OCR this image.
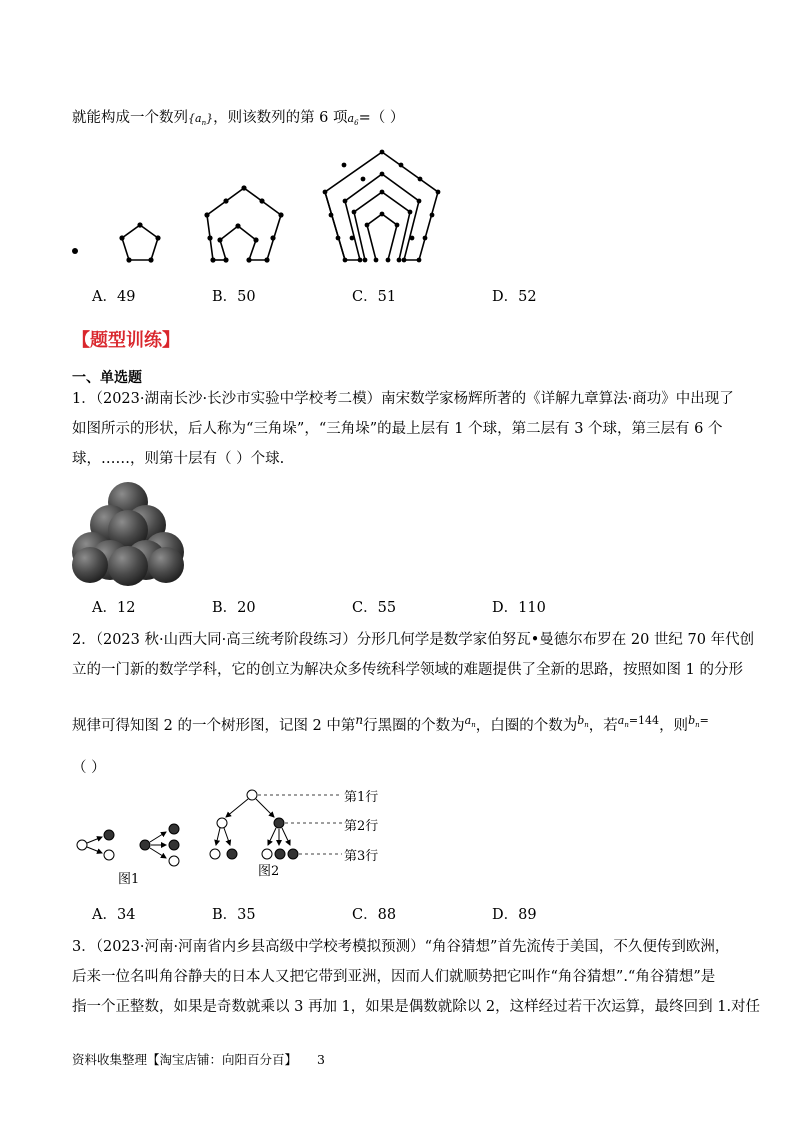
就能构成一个数列$\{a_n\}$，则该数列的第 6 项$a_6=$（ ）
A．49	B．50	C．51	D．52
【题型训练】
一、单选题
1．（2023·湖南长沙·长沙市实验中学校考二模）南宋数学家杨辉所著的《详解九章算法·商功》中出现了
如图所示的形状，后人称为“三角垛”，“三角垛”的最上层有 1 个球，第二层有 3 个球，第三层有 6 个
球，……，则第十层有（ ）个球.
A．12	B．20	C．55	D．110
2．（2023 秋·山西大同·高三统考阶段练习）分形几何学是数学家伯努瓦•曼德尔布罗在 20 世纪 70 年代创
立的一门新的数学学科，它的创立为解决众多传统科学领域的难题提供了全新的思路，按照如图 1 的分形
规律可得知图 2 的一个树形图，记图 2 中第$^n$行黑圈的个数为$^{a_n}$，白圈的个数为$^{b_n}$，若$^{a_n=144}$，则$^{b_n=}$
（ ）
图1
图2
第1行
第2行
第3行
A．34	B．35	C．88	D．89
3．（2023·河南·河南省内乡县高级中学校考模拟预测）“角谷猜想”首先流传于美国，不久便传到欧洲，
后来一位名叫角谷静夫的日本人又把它带到亚洲，因而人们就顺势把它叫作“角谷猜想”.“角谷猜想”是
指一个正整数，如果是奇数就乘以 3 再加 1，如果是偶数就除以 2，这样经过若干次运算，最终回到 1.对任
资料收集整理【淘宝店铺：向阳百分百】 3
